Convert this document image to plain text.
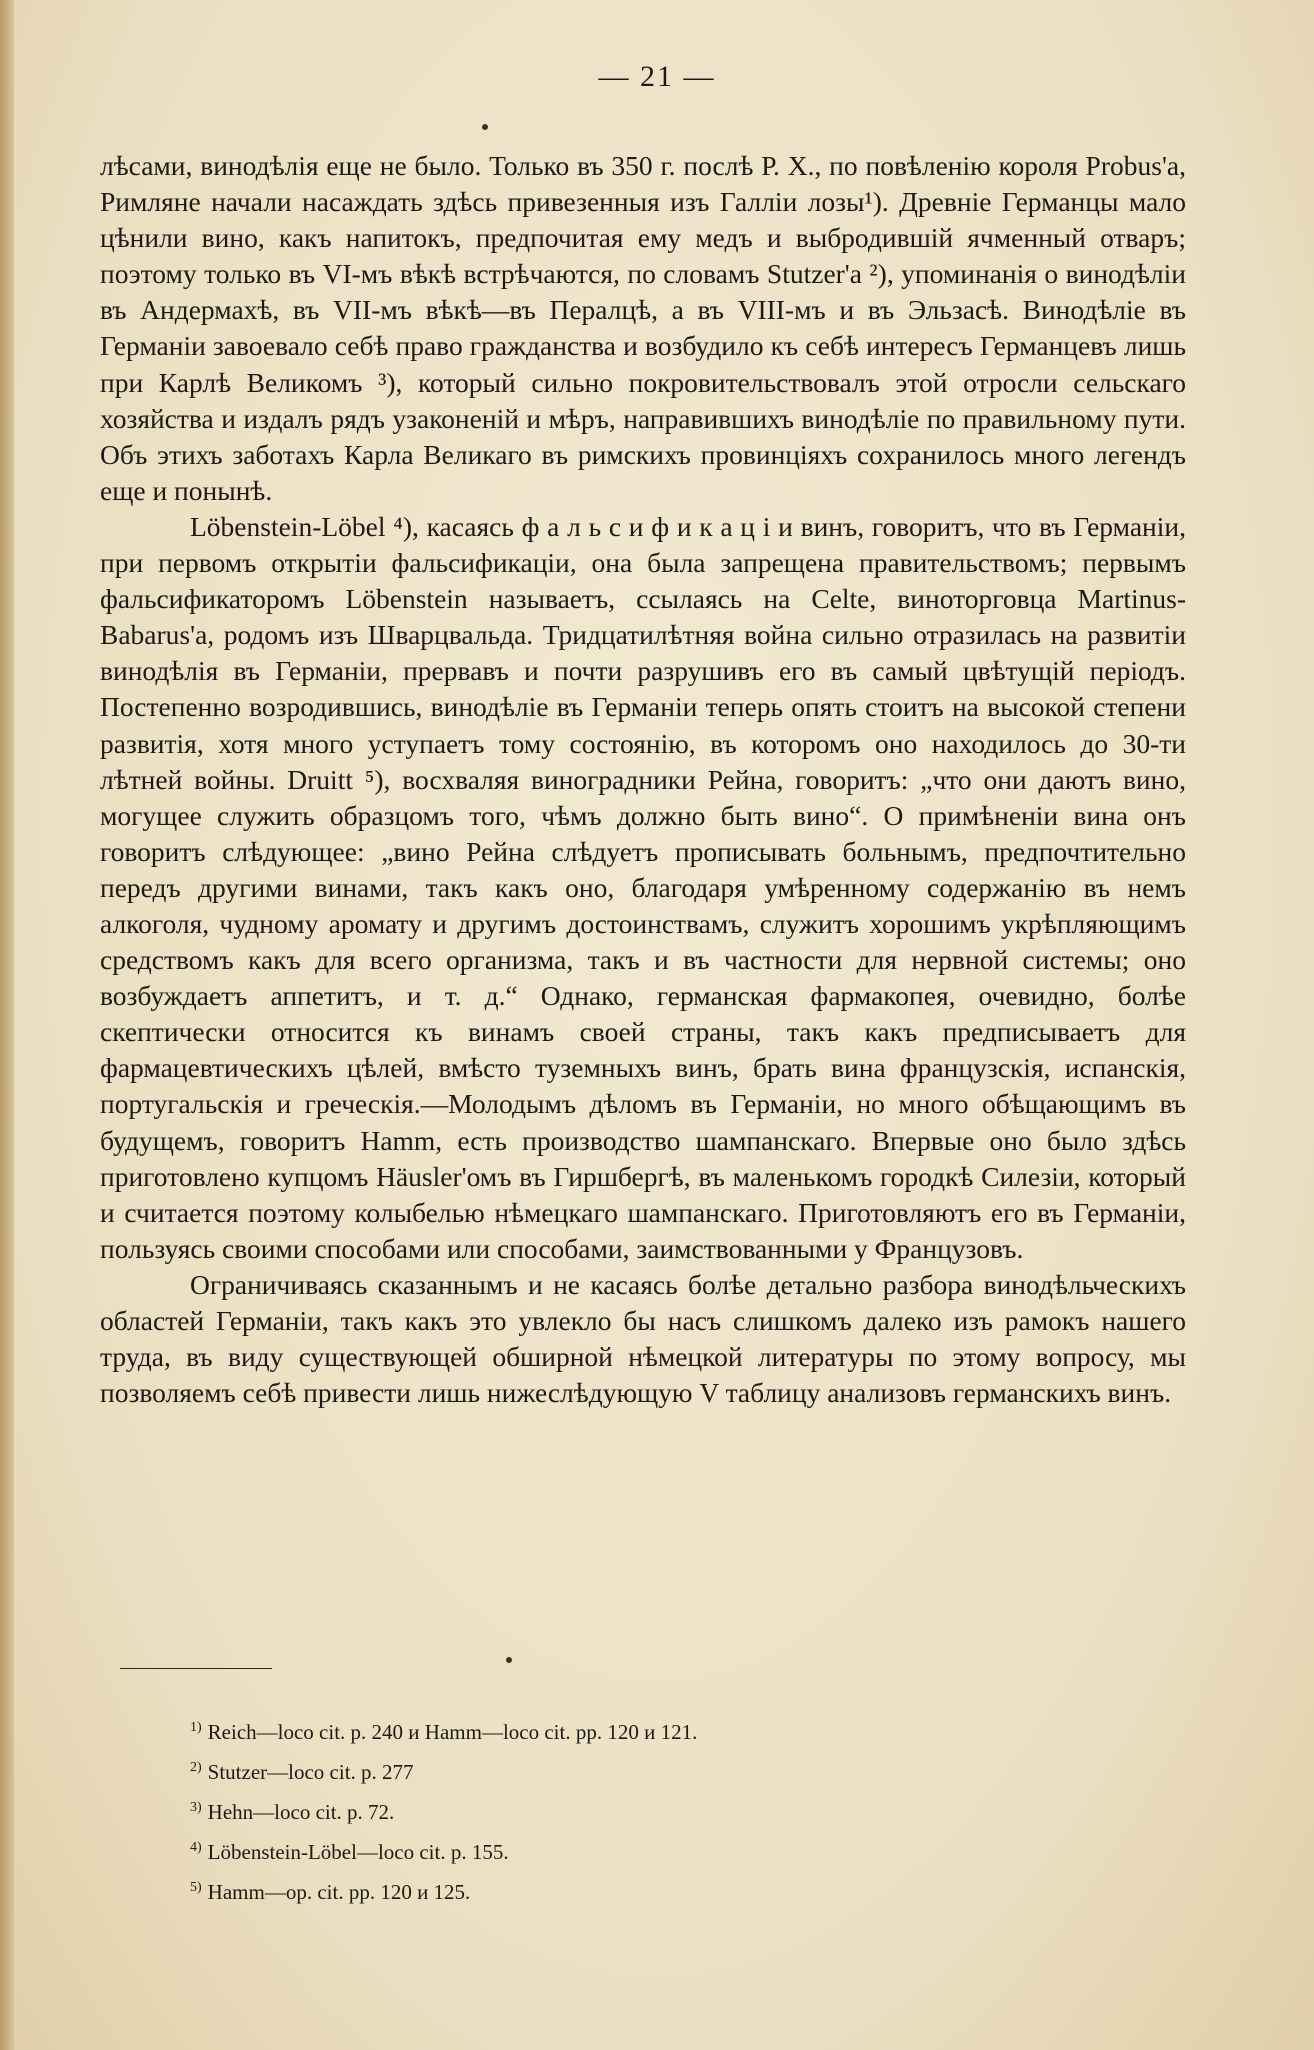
— 21 —

лѣсами, винодѣлія еще не было. Только въ 350 г. послѣ Р. Х., по повѣленію короля Probus'а, Римляне начали насаждать здѣсь привезенныя изъ Галліи лозы¹). Древніе Германцы мало цѣнили вино, какъ напитокъ, предпочитая ему медъ и выбродившій ячменный отваръ; поэтому только въ VI-мъ вѣкѣ встрѣчаются, по словамъ Stutzer'а ²), упоминанія о винодѣліи въ Андермахѣ, въ VII-мъ вѣкѣ—въ Пералцѣ, а въ VIII-мъ и въ Эльзасѣ. Винодѣліе въ Германіи завоевало себѣ право гражданства и возбудило къ себѣ интересъ Германцевъ лишь при Карлѣ Великомъ ³), который сильно покровительствовалъ этой отросли сельскаго хозяйства и издалъ рядъ узаконеній и мѣръ, направившихъ винодѣліе по правильному пути. Объ этихъ заботахъ Карла Великаго въ римскихъ провинціяхъ сохранилось много легендъ еще и понынѣ.

Löbenstein-Löbel ⁴), касаясь ф а л ь с и ф и к а ц і и винъ, говоритъ, что въ Германіи, при первомъ открытіи фальсификаціи, она была запрещена правительствомъ; первымъ фальсификаторомъ Löbenstein называетъ, ссылаясь на Celte, виноторговца Martinus-Babarus'а, родомъ изъ Шварцвальда. Тридцатилѣтняя война сильно отразилась на развитіи винодѣлія въ Германіи, прервавъ и почти разрушивъ его въ самый цвѣтущій періодъ. Постепенно возродившись, винодѣліе въ Германіи теперь опять стоитъ на высокой степени развитія, хотя много уступаетъ тому состоянію, въ которомъ оно находилось до 30-ти лѣтней войны. Druitt ⁵), восхваляя виноградники Рейна, говоритъ: „что они даютъ вино, могущее служить образцомъ того, чѣмъ должно быть вино“. О примѣненіи вина онъ говоритъ слѣдующее: „вино Рейна слѣдуетъ прописывать больнымъ, предпочтительно передъ другими винами, такъ какъ оно, благодаря умѣренному содержанію въ немъ алкоголя, чудному аромату и другимъ достоинствамъ, служитъ хорошимъ укрѣпляющимъ средствомъ какъ для всего организма, такъ и въ частности для нервной системы; оно возбуждаетъ аппетитъ, и т. д.“ Однако, германская фармакопея, очевидно, болѣе скептически относится къ винамъ своей страны, такъ какъ предписываетъ для фармацевтическихъ цѣлей, вмѣсто туземныхъ винъ, брать вина французскія, испанскія, португальскія и греческія.—Молодымъ дѣломъ въ Германіи, но много обѣщающимъ въ будущемъ, говоритъ Hamm, есть производство шампанскаго. Впервые оно было здѣсь приготовлено купцомъ Häusler'омъ въ Гиршбергѣ, въ маленькомъ городкѣ Силезіи, который и считается поэтому колыбелью нѣмецкаго шампанскаго. Приготовляютъ его въ Германіи, пользуясь своими способами или способами, заимствованными у Французовъ.

Ограничиваясь сказаннымъ и не касаясь болѣе детально разбора винодѣльческихъ областей Германіи, такъ какъ это увлекло бы насъ слишкомъ далеко изъ рамокъ нашего труда, въ виду существующей обширной нѣмецкой литературы по этому вопросу, мы позволяемъ себѣ привести лишь нижеслѣдующую V таблицу анализовъ германскихъ винъ.

$^{1)}$ Reich—loco cit. p. 240 и Hamm—loco cit. pp. 120 и 121.
$^{2)}$ Stutzer—loco cit. p. 277
$^{3)}$ Hehn—loco cit. p. 72.
$^{4)}$ Löbenstein-Löbel—loco cit. p. 155.
$^{5)}$ Hamm—op. cit. pp. 120 и 125.
